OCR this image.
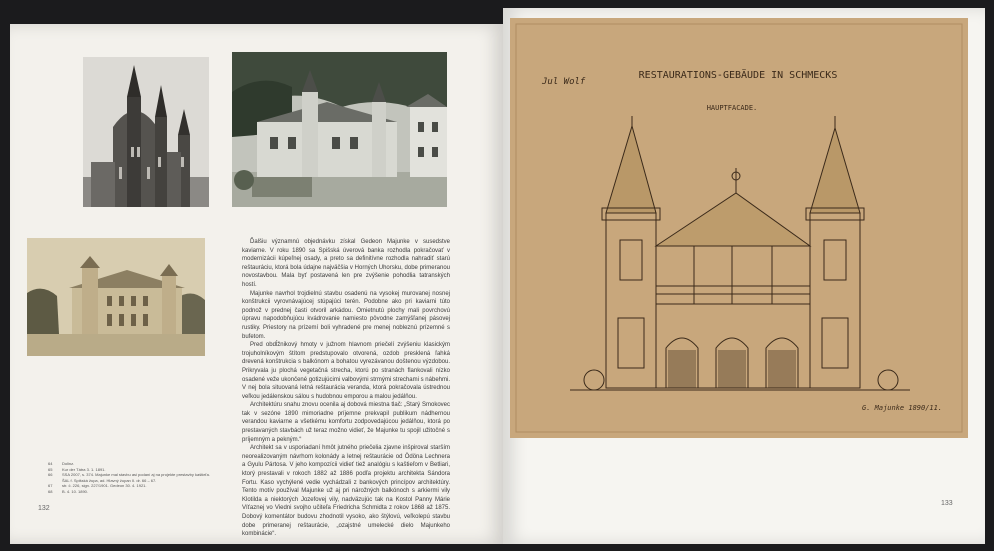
Ďalšiu významnú objednávku získal Gedeon Majunke v susedstve kaviarne. V roku 1890 sa Spišská úverová banka rozhodla pokračovať v modernizácii kúpeľnej osady, a preto sa definitívne rozhodla nahradiť starú reštauráciu, ktorá bola údajne najväčšia v Horných Uhorsku, dobe primeranou novostavbou. Mala byť postavená len pre zvýšenie pohodlia tatranských hostí.

Majunke navrhol trojdielnú stavbu osadenú na vysokej murovanej nosnej konštrukcii vyrovnávajúcej stúpajúci terén. Podobne ako pri kaviarni túto podnož v prednej časti otvoril arkádou. Omietnutú plochy mali povrchovú úpravu napodobňujúcu kvádrovanie namiesto pôvodne zamýšľanej pásovej rustiky. Priestory na prízemí boli vyhradené pre menej nobleznú prízemné s bufetom.

Pred obdĺžnikový hmoty v južnom hlavnom priečelí zvýšeniu klasickým trojuholníkovým štítom predstupovalo otvorená, ozdob presklená ľahká drevená konštrukcia s balkónom a bohatou vyrezávanou doštenou výzdobou. Prikryvala ju plochá vegetačná strecha, ktorú po stranách flankovali nízko osadené veže ukončené gotizujúcimi valbovými strmými strechami s nábehmi. V nej bola situovaná letná reštaurácia veranda, ktorá pokračovala ústrednou veľkou jedálenskou sálou s hudobnou emporou a malou jedálňou.

Architektúru snahu znovu ocenila aj dobová miestna tlač: „Starý Smokovec tak v sezóne 1890 mimoriadne príjemne prekvapil publikum nádhernou verandou kaviarne a všetkému komfortu zodpovedajúcou jedálňou, ktorá po prestavaných stavbách už teraz možno vidieť, že Majunke tu spojil užitočné s príjemným a pekným.“

Architekt sa v usporiadaní hmôt jutného priečelia zjavne inšpiroval starším neorealizovaným návrhom kolonády a letnej reštaurácie od Ödöna Lechnera a Gyulu Pártosa. V jeho kompozícii vidieť tiež analógiu s kaštieľom v Betliari, ktorý prestavali v rokoch 1882 až 1886 podľa projektu architekta Sándora Fortu. Kaso vychýlené vedie vychádzali z bankových princípov architektúry. Tento motív používal Majunke už aj pri nárožných balkónoch s arkiermi vily Klotilda a niektorých Jozefovej vily, nadväzujúc tak na Kostol Panny Márie Víťaznej vo Viedni svojho učiteľa Friedricha Schmidta z rokov 1868 až 1875. Dobový komentátor budovu zhodnotil vysoko, ako štýlovú, veľkolepú stavbu dobe primeranej reštaurácie, „ozajstné umelecké dielo Majunkeho kombinácie“.

64	Dolinz.
65	Kur der Tátra 3. 1. 1891.
66	SSA 2007, s. 374. Majunke mal stavbu asi podaní aj na projekte prestavby kaštieľa. ŠAL f. Spišská župa, ad. Hlavný župan II. dr. 66 – 67.
67	str. č. 226, sign. 227/1901. Gedeon 30. 4. 1921.
68	B. 4. 10. 1890.
132
RESTAURATIONS-GEBÄUDE IN SCHMECKS
HAUPTFACADE.
Jul Wolf
G. Majunke 1890/11.
133
